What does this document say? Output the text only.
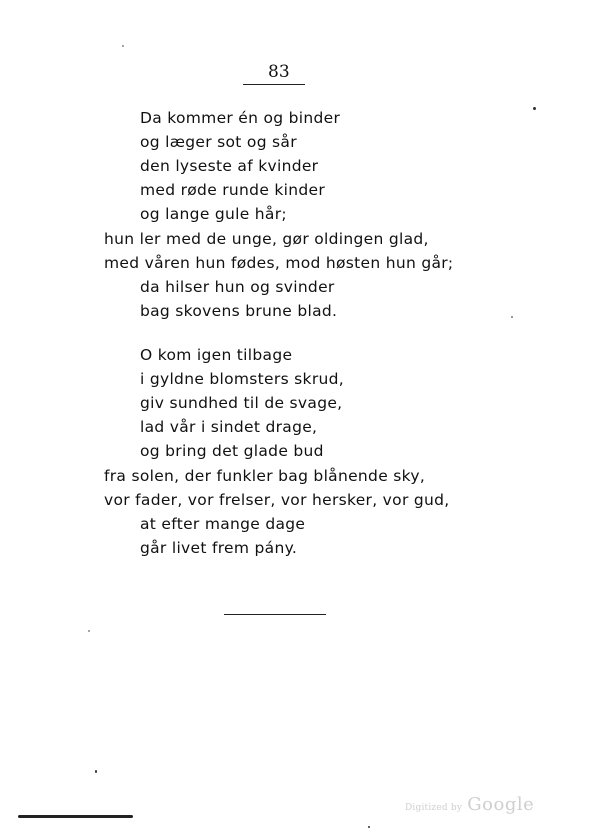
83
Da kommer én og binder
og læger sot og sår
den lyseste af kvinder
med røde runde kinder
og lange gule hår;
hun ler med de unge, gør oldingen glad,
med våren hun fødes, mod høsten hun går;
da hilser hun og svinder
bag skovens brune blad.
O kom igen tilbage
i gyldne blomsters skrud,
giv sundhed til de svage,
lad vår i sindet drage,
og bring det glade bud
fra solen, der funkler bag blånende sky,
vor fader, vor frelser, vor hersker, vor gud,
at efter mange dage
går livet frem pány.
Digitized by Google
